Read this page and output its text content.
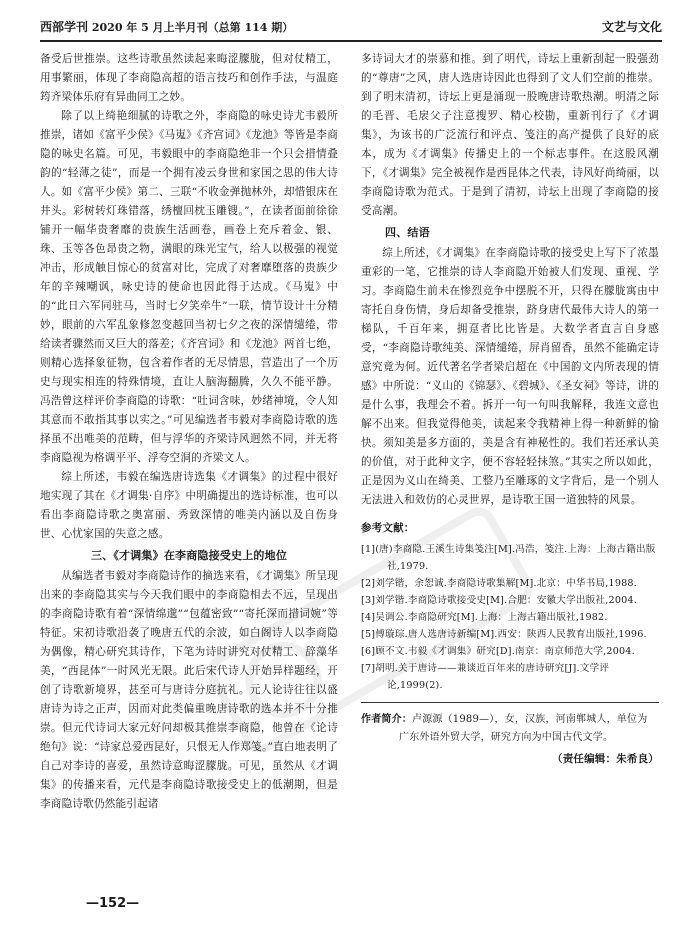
西部学刊 2020 年 5 月上半月刊（总第 114 期）	文艺与文化

备受后世推崇。这些诗歌虽然读起来晦涩朦胧，但对仗精工，用事繁丽，体现了李商隐高超的语言技巧和创作手法，与温庭筠齐梁体乐府有异曲同工之妙。

除了以上绮艳细腻的诗歌之外，李商隐的咏史诗尤韦毅所推崇，诸如《富平少侯》《马嵬》《齐宫词》《龙池》等皆是李商隐的咏史名篇。可见，韦毅眼中的李商隐绝非一个只会措情叠韵的“轻薄之徒”，而是一个拥有凌云身世和家国之思的伟大诗人。如《富平少侯》第二、三联“不收金弹抛林外，却惜银床在井头。彩树转灯珠错落，绣檀回枕玉雕锼。”，在读者面前徐徐铺开一幅华贵奢靡的贵族生活画卷，画卷上充斥着金、银、珠、玉等各色昂贵之物，满眼的珠光宝气，给人以极强的视觉冲击，形成触目惊心的贫富对比，完成了对奢靡堕落的贵族少年的辛辣嘲讽，咏史诗的使命也因此得于达成。《马嵬》中的“此日六军同驻马，当时七夕笑牵牛”一联，情节设计十分精妙，眼前的六军乱象修忽变越回当初七夕之夜的深情缱绻，带给读者骤然而又巨大的落差；《齐宫词》和《龙池》两首七绝，则精心选择象征物，包含着作者的无尽情思，营造出了一个历史与现实相连的特殊情境，直让人脑海翻腾，久久不能平静。冯浩曾这样评价李商隐的诗歌：“吐词含味，妙绪神境，令人知其意而不敢指其事以实之。”可见编选者韦毅对李商隐诗歌的选择虽不出唯美的范畴，但与浮华的齐梁诗风迥然不同，并无将李商隐视为格调平平、浮夸空洞的齐梁文人。

综上所述，韦毅在编选唐诗选集《才调集》的过程中很好地实现了其在《才调集·自序》中明确提出的选诗标准，也可以看出李商隐诗歌之奥富丽、秀致深情的唯美内涵以及自伤身世、心忧家国的失意之感。

三、《才调集》在李商隐接受史上的地位

从编选者韦毅对李商隐诗作的摘选来看，《才调集》所呈现出来的李商隐其实与今天我们眼中的李商隐相去不远，呈现出的李商隐诗歌有着“深情绵邈”“包蕴密致”“寄托深而措词婉”等特征。宋初诗歌沿袭了晚唐五代的余波，如白阁诗人以李商隐为偶像，精心研究其诗作，下笔为诗时讲究对仗精工、辞藻华美，“西昆体”一时风光无限。此后宋代诗人开始异样题经，开创了诗歌新境界，甚至可与唐诗分庭抗礼。元人论诗往往以盛唐诗为诗之正声，因而对此类偏重晚唐诗歌的选本并不十分推崇。但元代诗词大家元好问却极其推崇李商隐，他曾在《论诗绝句》说：“诗家总爱西昆好，只恨无人作郑笺。”直白地表明了自己对李诗的喜爱，虽然诗意晦涩朦胧。可见，虽然从《才调集》的传播来看，元代是李商隐诗歌接受史上的低潮期，但是李商隐诗歌仍然能引起诸

多诗词大才的崇慕和推。到了明代，诗坛上重新刮起一股强劲的“尊唐”之风，唐人选唐诗因此也得到了文人们空前的推崇。到了明末清初，诗坛上更是涌现一股晚唐诗歌热潮。明清之际的毛晋、毛扆父子注意搜罗、精心校勘，重新刊行了《才调集》，为该书的广泛流行和评点、笺注的高产提供了良好的底本，成为《才调集》传播史上的一个标志事件。在这股风潮下，《才调集》完全被视作是西昆体之代表，诗风好尚绮丽，以李商隐诗歌为范式。于是到了清初，诗坛上出现了李商隐的接受高潮。

四、结语

综上所述，《才调集》在李商隐诗歌的接受史上写下了浓墨重彩的一笔，它推崇的诗人李商隐开始被人们发现、重视、学习。李商隐生前未在惨烈竞争中摆脱不开，只得在朦胧寓由中寄托自身伤情，身后却备受推崇，跻身唐代最伟大诗人的第一梯队，千百年来，拥趸者比比皆是。大数学者直言自身感受，“李商隐诗歌纯美、深情缱绻，屏肖留香，虽然不能确定诗意究竟为何。近代著名学者梁启超在《中国韵文内所表现的情感》中所说：“义山的《锦瑟》、《碧城》、《圣女祠》等诗，讲的是什么事，我理会不着。拆开一句一句叫我解释，我连文意也解不出来。但我觉得他美，读起来令我精神上得一种新鲜的愉快。须知美是多方面的，美是含有神秘性的。我们若还承认美的价值，对于此种文字，便不容轻轻抹煞。”其实之所以如此，正是因为义山在绮美、工整乃至雕琢的文字背后，是一个别人无法进入和效仿的心灵世界，是诗歌王国一道独特的风景。

参考文献：
[1](唐)李商隐.王溪生诗集笺注[M].冯浩，笺注.上海：上海古籍出版社,1979.
[2]刘学锴，余恕诚.李商隐诗歌集解[M].北京：中华书局,1988.
[3]刘学锴.李商隐诗歌接受史[M].合肥：安徽大学出版社,2004.
[4]吴调公.李商隐研究[M].上海：上海古籍出版社,1982.
[5]傅璇琮.唐人选唐诗新编[M].西安：陕西人民教育出版社,1996.
[6]顾不文.韦毅《才调集》研究[D].南京：南京师范大学,2004.
[7]胡明.关于唐诗——兼谈近百年来的唐诗研究[J].文学评论,1999(2).
作者简介：卢源源（1989—），女，汉族，河南郸城人，单位为
广东外语外贸大学，研究方向为中国古代文学。
（责任编辑：朱希良）
—152—
